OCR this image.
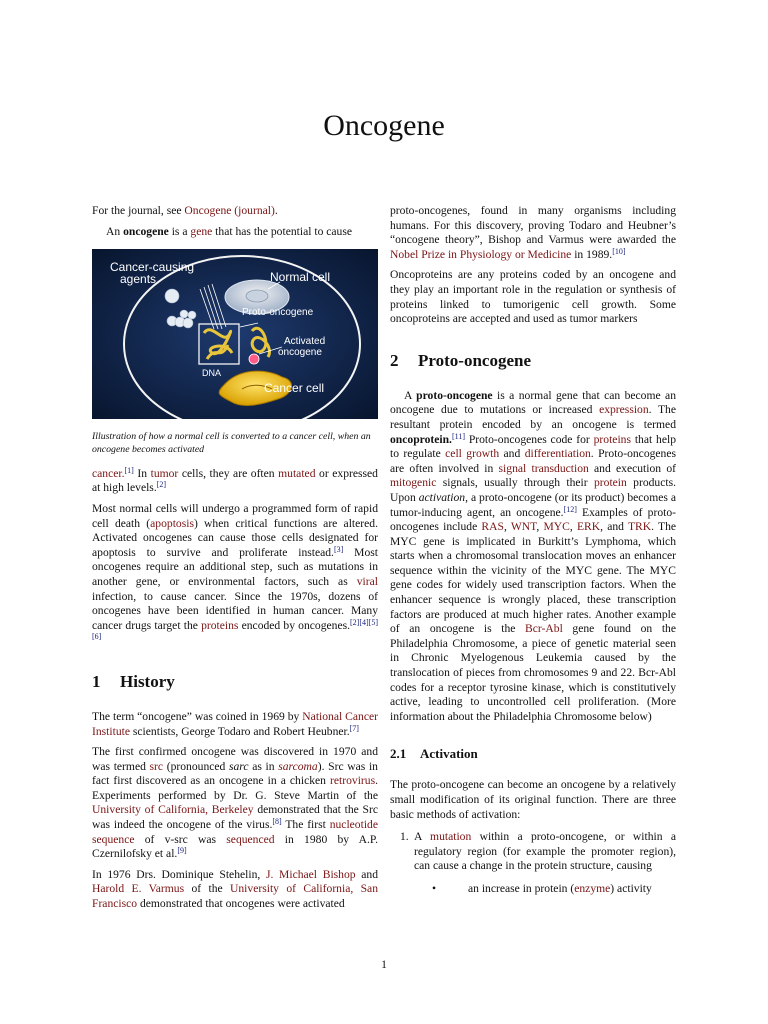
Oncogene

For the journal, see Oncogene (journal).

An oncogene is a gene that has the potential to cause

Cancer-causing
agents	Normal cell
Proto-oncogene
DNA
Activated
oncogene
Cancer cell

Illustration of how a normal cell is converted to a cancer cell, when an oncogene becomes activated

cancer.[1] In tumor cells, they are often mutated or expressed at high levels.[2]

Most normal cells will undergo a programmed form of rapid cell death (apoptosis) when critical functions are altered. Activated oncogenes can cause those cells designated for apoptosis to survive and proliferate instead.[3] Most oncogenes require an additional step, such as mutations in another gene, or environmental factors, such as viral infection, to cause cancer. Since the 1970s, dozens of oncogenes have been identified in human cancer. Many cancer drugs target the proteins encoded by oncogenes.[2][4][5][6]

1 History

The term “oncogene” was coined in 1969 by National Cancer Institute scientists, George Todaro and Robert Heubner.[7]

The first confirmed oncogene was discovered in 1970 and was termed src (pronounced sarc as in sarcoma). Src was in fact first discovered as an oncogene in a chicken retrovirus. Experiments performed by Dr. G. Steve Martin of the University of California, Berkeley demonstrated that the Src was indeed the oncogene of the virus.[8] The first nucleotide sequence of v-src was sequenced in 1980 by A.P. Czernilofsky et al.[9]

In 1976 Drs. Dominique Stehelin, J. Michael Bishop and Harold E. Varmus of the University of California, San Francisco demonstrated that oncogenes were activated

proto-oncogenes, found in many organisms including humans. For this discovery, proving Todaro and Heubner’s “oncogene theory”, Bishop and Varmus were awarded the Nobel Prize in Physiology or Medicine in 1989.[10]

Oncoproteins are any proteins coded by an oncogene and they play an important role in the regulation or synthesis of proteins linked to tumorigenic cell growth. Some oncoproteins are accepted and used as tumor markers

2 Proto-oncogene

A proto-oncogene is a normal gene that can become an oncogene due to mutations or increased expression. The resultant protein encoded by an oncogene is termed oncoprotein.[11] Proto-oncogenes code for proteins that help to regulate cell growth and differentiation. Proto-oncogenes are often involved in signal transduction and execution of mitogenic signals, usually through their protein products. Upon activation, a proto-oncogene (or its product) becomes a tumor-inducing agent, an oncogene.[12] Examples of proto-oncogenes include RAS, WNT, MYC, ERK, and TRK. The MYC gene is implicated in Burkitt’s Lymphoma, which starts when a chromosomal translocation moves an enhancer sequence within the vicinity of the MYC gene. The MYC gene codes for widely used transcription factors. When the enhancer sequence is wrongly placed, these transcription factors are produced at much higher rates. Another example of an oncogene is the Bcr-Abl gene found on the Philadelphia Chromosome, a piece of genetic material seen in Chronic Myelogenous Leukemia caused by the translocation of pieces from chromosomes 9 and 22. Bcr-Abl codes for a receptor tyrosine kinase, which is constitutively active, leading to uncontrolled cell proliferation. (More information about the Philadelphia Chromosome below)

2.1 Activation

The proto-oncogene can become an oncogene by a relatively small modification of its original function. There are three basic methods of activation:

1. A mutation within a proto-oncogene, or within a regulatory region (for example the promoter region), can cause a change in the protein structure, causing
• an increase in protein (enzyme) activity
1
